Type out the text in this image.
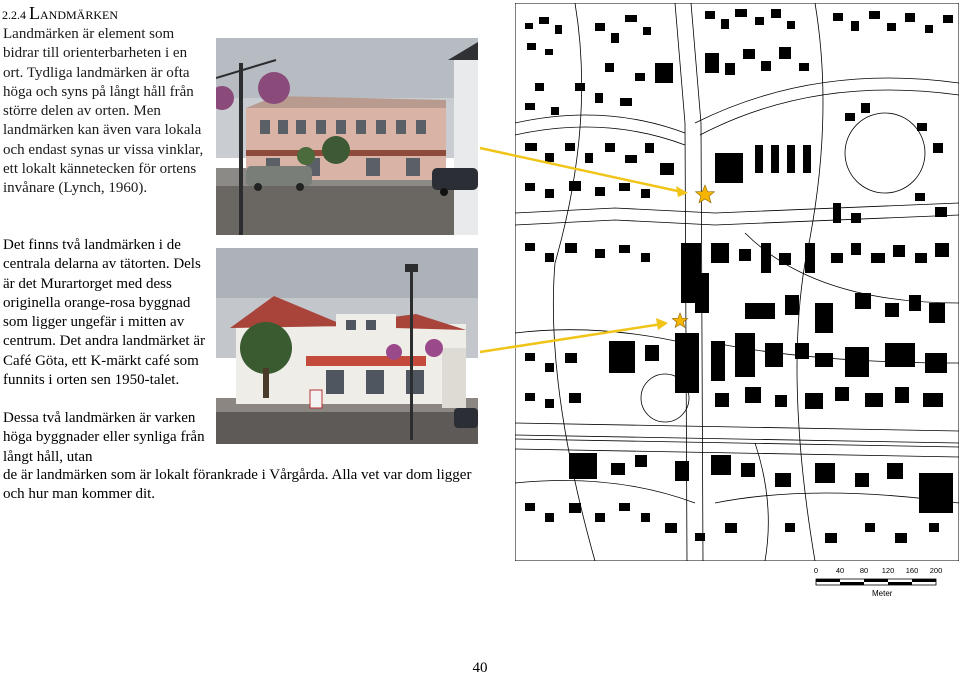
2.2.4 LANDMÄRKEN

Landmärken är element som bidrar till orienterbarheten i en ort. Tydliga landmärken är ofta höga och syns på långt håll från större delen av orten. Men landmärken kan även vara lokala och endast synas ur vissa vinklar, ett lokalt kännetecken för ortens invånare (Lynch, 1960).

Det finns två landmärken i de centrala delarna av tätorten. Dels är det Murartorget med dess originella orange-rosa byggnad som ligger ungefär i mitten av centrum. Det andra landmärket är Café Göta, ett K-märkt café som funnits i orten sen 1950-talet.

Dessa två landmärken är varken höga byggnader eller synliga från långt håll, utan

de är landmärken som är lokalt förankrade i Vårgårda. Alla vet var dom ligger och hur man kommer dit.

0 40 80 120 160 200
Meter
40
